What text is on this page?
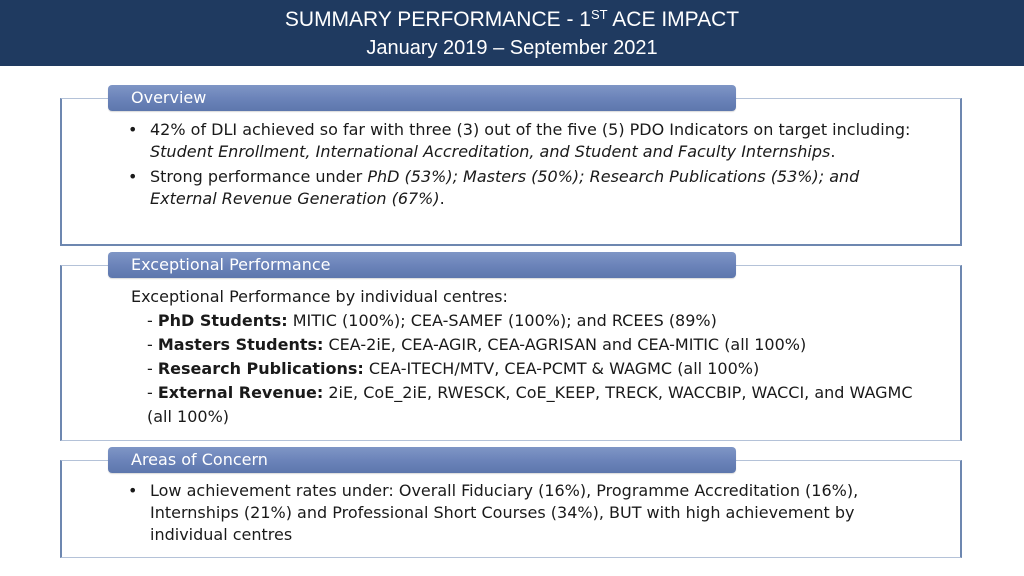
SUMMARY PERFORMANCE - 1ST ACE IMPACT
January 2019 – September 2021
Overview

• 42% of DLI achieved so far with three (3) out of the five (5) PDO Indicators on target including: Student Enrollment, International Accreditation, and Student and Faculty Internships.

• Strong performance under PhD (53%); Masters (50%); Research Publications (53%); and External Revenue Generation (67%).

Exceptional Performance
Exceptional Performance by individual centres:
- PhD Students: MITIC (100%); CEA-SAMEF (100%); and RCEES (89%)
- Masters Students: CEA-2iE, CEA-AGIR, CEA-AGRISAN and CEA-MITIC (all 100%)
- Research Publications: CEA-ITECH/MTV, CEA-PCMT & WAGMC (all 100%)
- External Revenue: 2iE, CoE_2iE, RWESCK, CoE_KEEP, TRECK, WACCBIP, WACCI, and WAGMC (all 100%)
Areas of Concern

• Low achievement rates under: Overall Fiduciary (16%), Programme Accreditation (16%), Internships (21%) and Professional Short Courses (34%), BUT with high achievement by individual centres
